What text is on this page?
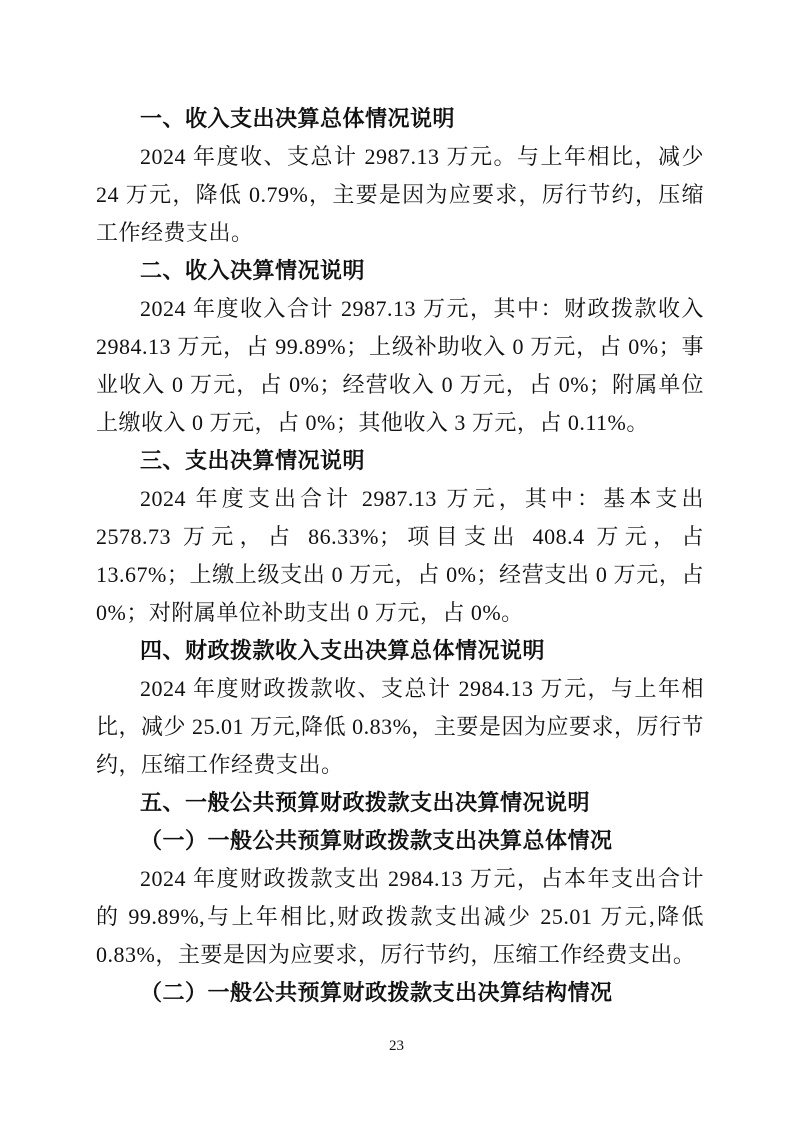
一、收入支出决算总体情况说明

2024 年度收、支总计 2987.13 万元。与上年相比，减少 24 万元，降低 0.79%，主要是因为应要求，厉行节约，压缩工作经费支出。

二、收入决算情况说明

2024 年度收入合计 2987.13 万元，其中：财政拨款收入 2984.13 万元，占 99.89%；上级补助收入 0 万元，占 0%；事业收入 0 万元，占 0%；经营收入 0 万元，占 0%；附属单位上缴收入 0 万元，占 0%；其他收入 3 万元，占 0.11%。

三、支出决算情况说明

2024 年度支出合计 2987.13 万元，其中：基本支出 2578.73 万元，占 86.33%；项目支出 408.4 万元，占 13.67%；上缴上级支出 0 万元，占 0%；经营支出 0 万元，占 0%；对附属单位补助支出 0 万元，占 0%。

四、财政拨款收入支出决算总体情况说明

2024 年度财政拨款收、支总计 2984.13 万元，与上年相比，减少 25.01 万元,降低 0.83%，主要是因为应要求，厉行节约，压缩工作经费支出。

五、一般公共预算财政拨款支出决算情况说明

（一）一般公共预算财政拨款支出决算总体情况

2024 年度财政拨款支出 2984.13 万元，占本年支出合计的 99.89%,与上年相比,财政拨款支出减少 25.01 万元,降低 0.83%，主要是因为应要求，厉行节约，压缩工作经费支出。

（二）一般公共预算财政拨款支出决算结构情况

23
